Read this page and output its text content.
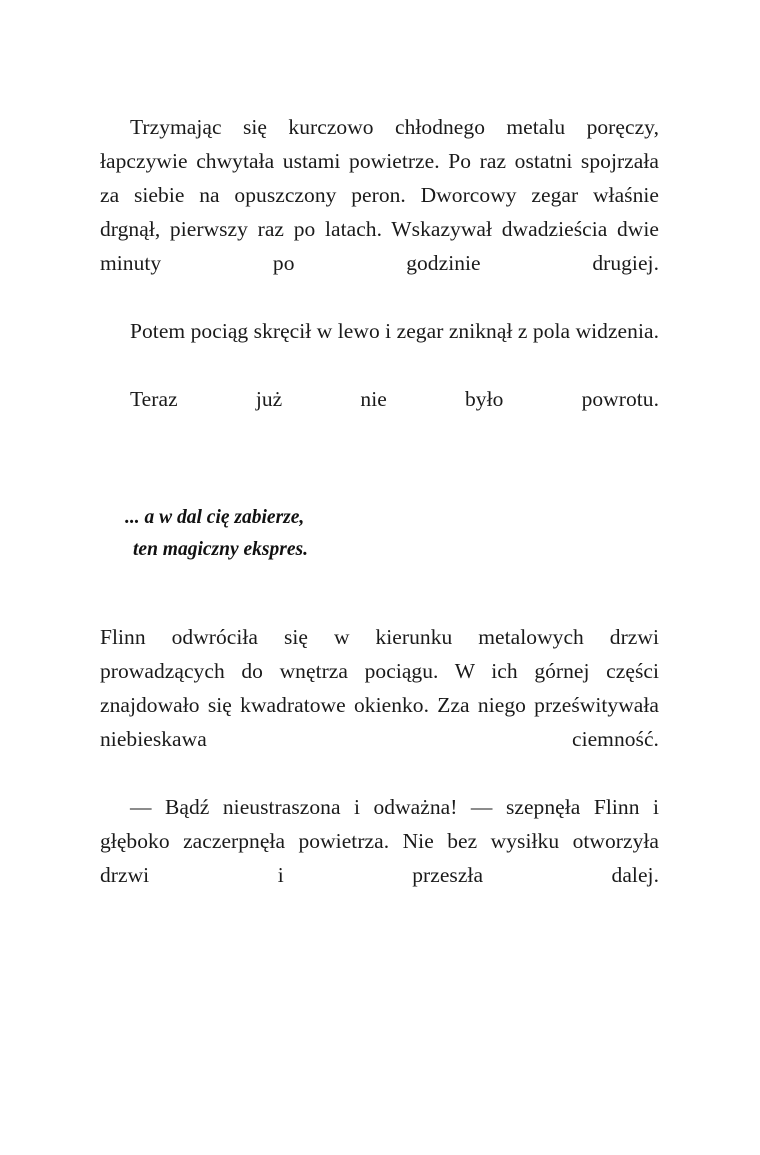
Trzymając się kurczowo chłodnego metalu poręczy, łapczywie chwytała ustami powietrze. Po raz ostatni spojrzała za siebie na opuszczony peron. Dworcowy zegar właśnie drgnął, pierwszy raz po latach. Wskazywał dwadzieścia dwie minuty po godzinie drugiej.

Potem pociąg skręcił w lewo i zegar zniknął z pola widzenia.

Teraz już nie było powrotu.

... a w dal cię zabierze,
ten magiczny ekspres.

Flinn odwróciła się w kierunku metalowych drzwi prowadzących do wnętrza pociągu. W ich górnej części znajdowało się kwadratowe okienko. Zza niego prześwitywała niebieskawa ciemność.

— Bądź nieustraszona i odważna! — szepnęła Flinn i głęboko zaczerpnęła powietrza. Nie bez wysiłku otworzyła drzwi i przeszła dalej.
